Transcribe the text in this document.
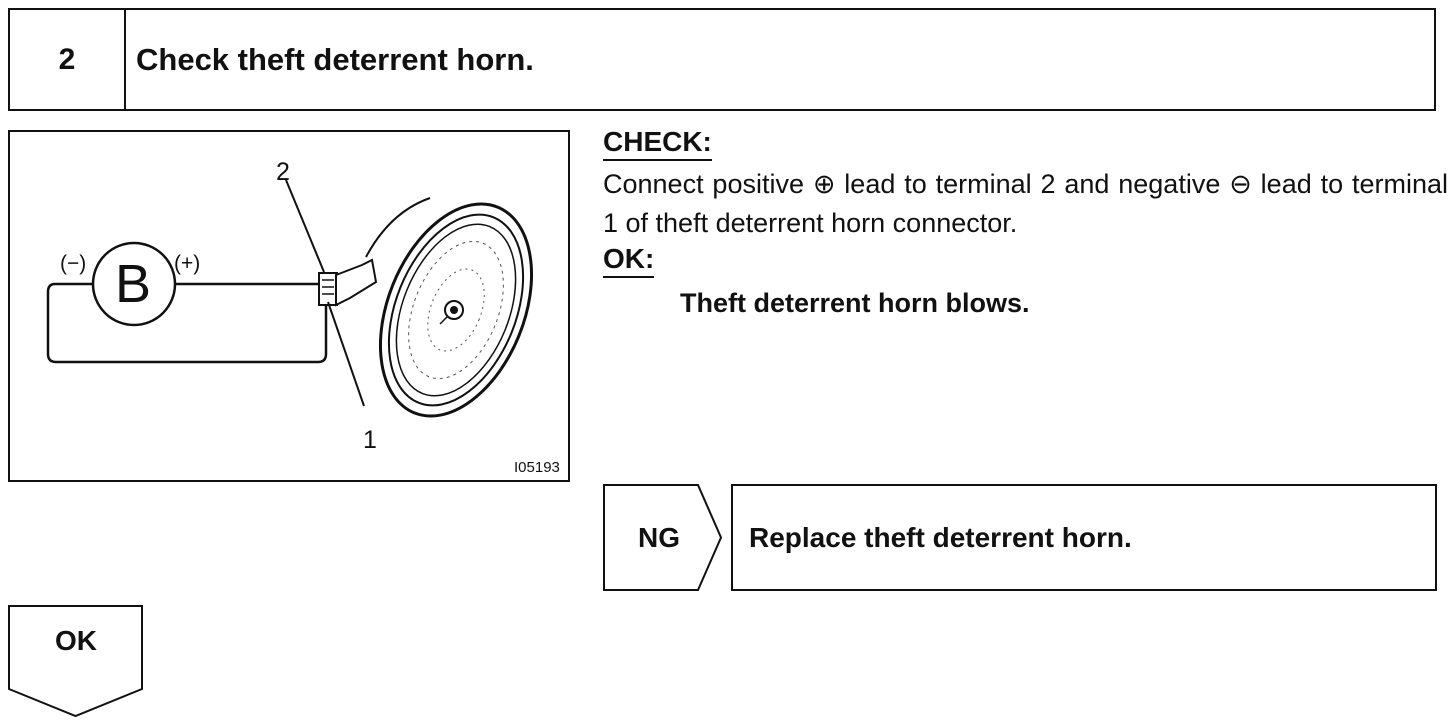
2	Check theft deterrent horn.
2
1
(−)	(+)
B
I05193
CHECK:
Connect positive ⊕ lead to terminal 2 and negative ⊖ lead to terminal 1 of theft deterrent horn connector.
OK:
Theft deterrent horn blows.
NG	Replace theft deterrent horn.
OK
